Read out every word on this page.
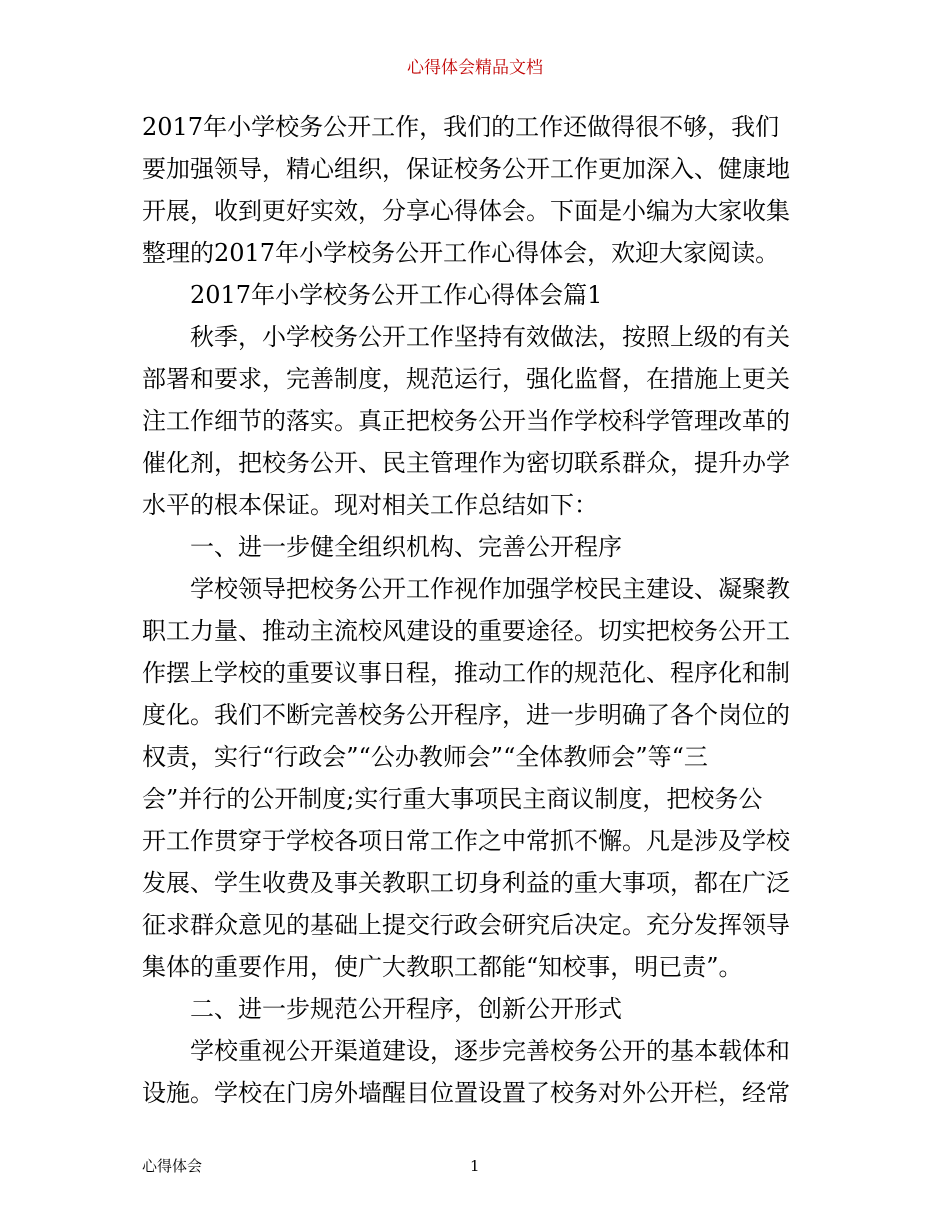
心得体会精品文档
2017年小学校务公开工作，我们的工作还做得很不够，我们
要加强领导，精心组织，保证校务公开工作更加深入、健康地
开展，收到更好实效，分享心得体会。下面是小编为大家收集
整理的2017年小学校务公开工作心得体会，欢迎大家阅读。
2017年小学校务公开工作心得体会篇1
秋季，小学校务公开工作坚持有效做法，按照上级的有关
部署和要求，完善制度，规范运行，强化监督，在措施上更关
注工作细节的落实。真正把校务公开当作学校科学管理改革的
催化剂，把校务公开、民主管理作为密切联系群众，提升办学
水平的根本保证。现对相关工作总结如下：
一、进一步健全组织机构、完善公开程序
学校领导把校务公开工作视作加强学校民主建设、凝聚教
职工力量、推动主流校风建设的重要途径。切实把校务公开工
作摆上学校的重要议事日程，推动工作的规范化、程序化和制
度化。我们不断完善校务公开程序，进一步明确了各个岗位的
权责，实行“行政会”“公办教师会”“全体教师会”等“三
会”并行的公开制度;实行重大事项民主商议制度，把校务公
开工作贯穿于学校各项日常工作之中常抓不懈。凡是涉及学校
发展、学生收费及事关教职工切身利益的重大事项，都在广泛
征求群众意见的基础上提交行政会研究后决定。充分发挥领导
集体的重要作用，使广大教职工都能“知校事，明已责”。
二、进一步规范公开程序，创新公开形式
学校重视公开渠道建设，逐步完善校务公开的基本载体和
设施。学校在门房外墙醒目位置设置了校务对外公开栏，经常
心得体会	1
